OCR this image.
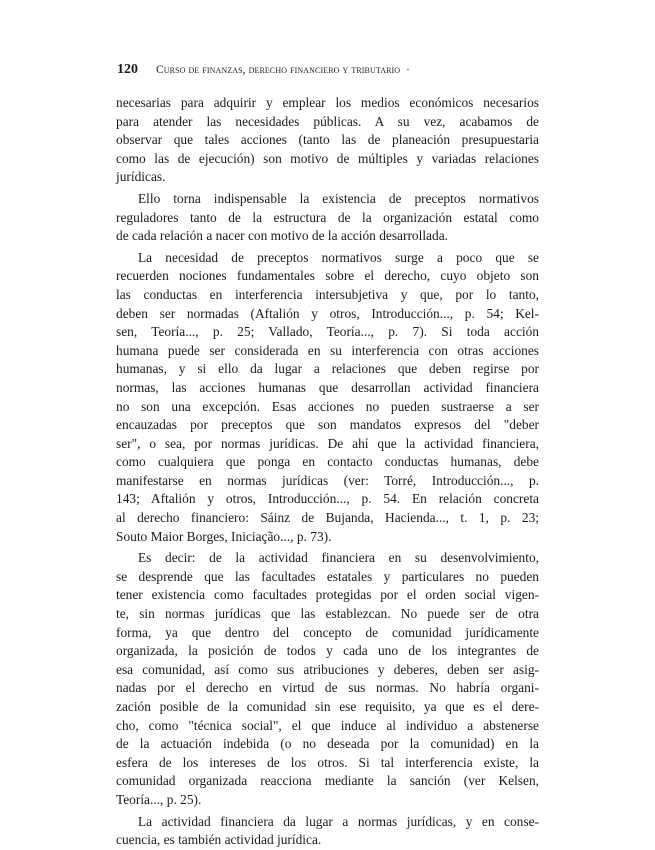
120 Curso de finanzas, derecho financiero y tributario ·

necesarias para adquirir y emplear los medios económicos necesarios
para atender las necesidades públicas. A su vez, acabamos de
observar que tales acciones (tanto las de planeación presupuestaria
como las de ejecución) son motivo de múltiples y variadas relaciones
jurídicas.

Ello torna indispensable la existencia de preceptos normativos
reguladores tanto de la estructura de la organización estatal como
de cada relación a nacer con motivo de la acción desarrollada.

La necesidad de preceptos normativos surge a poco que se
recuerden nociones fundamentales sobre el derecho, cuyo objeto son
las conductas en interferencia intersubjetiva y que, por lo tanto,
deben ser normadas (Aftalión y otros, Introducción..., p. 54; Kel-
sen, Teoría..., p. 25; Vallado, Teoría..., p. 7). Si toda acción
humana puede ser considerada en su interferencia con otras acciones
humanas, y si ello da lugar a relaciones que deben regirse por
normas, las acciones humanas que desarrollan actividad financiera
no son una excepción. Esas acciones no pueden sustraerse a ser
encauzadas por preceptos que son mandatos expresos del "deber
ser", o sea, por normas jurídicas. De ahí que la actividad financiera,
como cualquiera que ponga en contacto conductas humanas, debe
manifestarse en normas jurídicas (ver: Torré, Introducción..., p.
143; Aftalión y otros, Introducción..., p. 54. En relación concreta
al derecho financiero: Sáinz de Bujanda, Hacienda..., t. 1, p. 23;
Souto Maior Borges, Iniciação..., p. 73).

Es decir: de la actividad financiera en su desenvolvimiento,
se desprende que las facultades estatales y particulares no pueden
tener existencia como facultades protegidas por el orden social vigen-
te, sin normas jurídicas que las establezcan. No puede ser de otra
forma, ya que dentro del concepto de comunidad jurídicamente
organizada, la posición de todos y cada uno de los integrantes de
esa comunidad, así como sus atribuciones y deberes, deben ser asig-
nadas por el derecho en virtud de sus normas. No habría organi-
zación posible de la comunidad sin ese requisito, ya que es el dere-
cho, como "técnica social", el que induce al individuo a abstenerse
de la actuación indebida (o no deseada por la comunidad) en la
esfera de los intereses de los otros. Si tal interferencia existe, la
comunidad organizada reacciona mediante la sanción (ver Kelsen,
Teoría..., p. 25).

La actividad financiera da lugar a normas jurídicas, y en conse-
cuencia, es también actividad jurídica.
